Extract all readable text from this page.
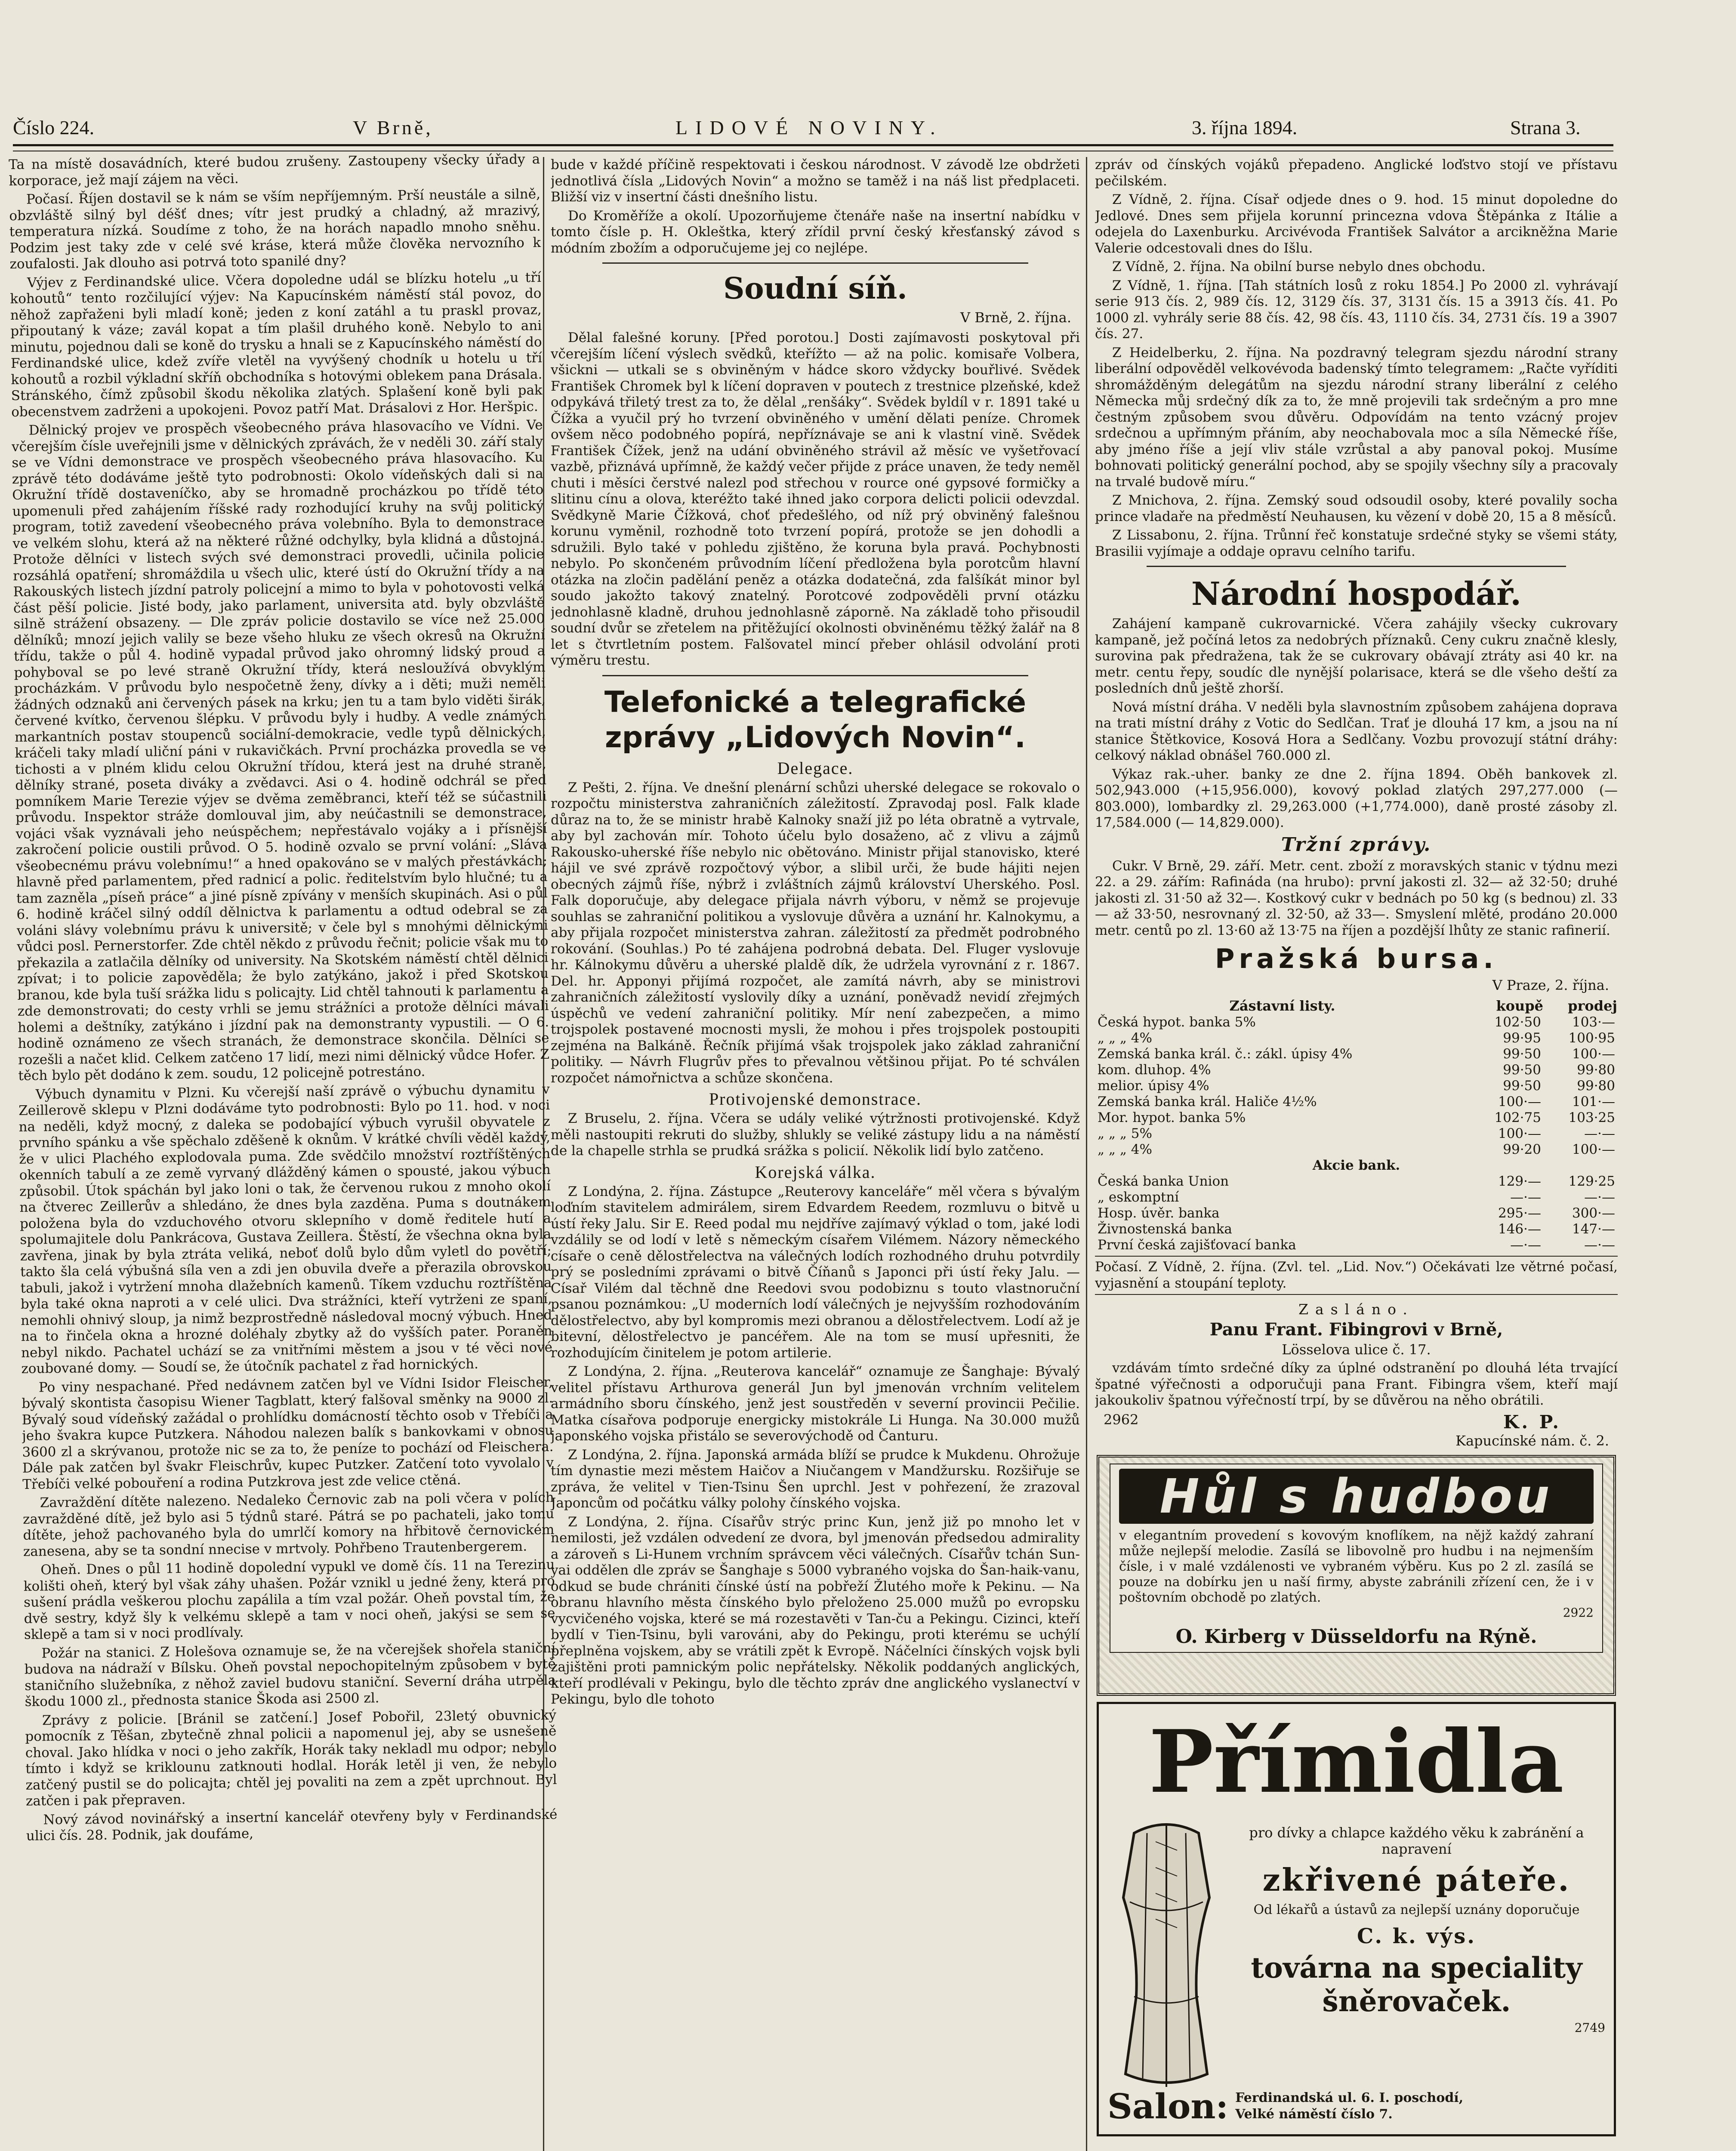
Číslo 224.	V Brně,	LIDOVÉ NOVINY.	3. října 1894.	Strana 3.

Ta na místě dosavádních, které budou zrušeny. Zastoupeny všecky úřady a korporace, jež mají zájem na věci.

Počasí. Říjen dostavil se k nám se vším nepříjemným. Prší neustále a silně, obzvláště silný byl déšť dnes; vítr jest prudký a chladný, až mrazivý, temperatura nízká. Soudíme z toho, že na horách napadlo mnoho sněhu. Podzim jest taky zde v celé své kráse, která může člověka nervozního k zoufalosti. Jak dlouho asi potrvá toto spanilé dny?

Výjev z Ferdinandské ulice. Včera dopoledne udál se blízku hotelu „u tří kohoutů“ tento rozčilující výjev: Na Kapucínském náměstí stál povoz, do něhož zapřaženi byli mladí koně; jeden z koní zatáhl a tu praskl provaz, připoutaný k váze; zavál kopat a tím plašil druhého koně. Nebylo to ani minutu, pojednou dali se koně do trysku a hnali se z Kapucínského náměstí do Ferdinandské ulice, kdež zvíře vletěl na vyvýšený chodník u hotelu u tří kohoutů a rozbil výkladní skříň obchodníka s hotovými oblekem pana Drásala. Stránského, čímž způsobil škodu několika zlatých. Splašení koně byli pak obecenstvem zadrženi a upokojeni. Povoz patří Mat. Drásalovi z Hor. Heršpic.

Dělnický projev ve prospěch všeobecného práva hlasovacího ve Vídni. Ve včerejším čísle uveřejnili jsme v dělnických zprávách, že v neděli 30. září staly se ve Vídni demonstrace ve prospěch všeobecného práva hlasovacího. Ku zprávě této dodáváme ještě tyto podrobnosti: Okolo vídeňských dali si na Okružní třídě dostaveníčko, aby se hromadně procházkou po třídě této upomenuli před zahájením říšské rady rozhodující kruhy na svůj politický program, totiž zavedení všeobecného práva volebního. Byla to demonstrace ve velkém slohu, která až na některé růžné odchylky, byla klidná a důstojná. Protože dělníci v listech svých své demonstraci provedli, učinila policie rozsáhlá opatření; shromáždila u všech ulic, které ústí do Okružní třídy a na Rakouských listech jízdní patroly policejní a mimo to byla v pohotovosti velká část pěší policie. Jisté body, jako parlament, universita atd. byly obzvláště silně strážení obsazeny. — Dle zpráv policie dostavilo se více než 25.000 dělníků; mnozí jejich valily se beze všeho hluku ze všech okresů na Okružní třídu, takže o půl 4. hodině vypadal průvod jako ohromný lidský proud a pohyboval se po levé straně Okružní třídy, která nesloužívá obvyklým procházkám. V průvodu bylo nespočetně ženy, dívky a i děti; muži neměli žádných odznaků ani červených pásek na krku; jen tu a tam bylo viděti širák, červené kvítko, červenou šlépku. V průvodu byly i hudby. A vedle známých markantních postav stoupenců sociální-demokracie, vedle typů dělnických, kráčeli taky mladí uliční páni v rukavičkách. První procházka provedla se ve tichosti a v plném klidu celou Okružní třídou, která jest na druhé straně, dělníky strané, poseta diváky a zvědavci. Asi o 4. hodině odchrál se před pomníkem Marie Terezie výjev se dvěma zeměbranci, kteří též se súčastnili průvodu. Inspektor stráže domlouval jim, aby neúčastnili se demonstrace, vojáci však vyznávali jeho neúspěchem; nepřestávalo vojáky a i přísnější zakročení policie oustili průvod. O 5. hodině ozvalo se první volání: „Sláva všeobecnému právu volebnímu!“ a hned opakováno se v malých přestávkách; hlavně před parlamentem, před radnicí a polic. ředitelstvím bylo hlučné; tu a tam zazněla „píseň práce“ a jiné písně zpívány v menších skupinách. Asi o půl 6. hodině kráčel silný oddíl dělnictva k parlamentu a odtud odebral se za voláni slávy volebnímu právu k universitě; v čele byl s mnohými dělnickými vůdci posl. Pernerstorfer. Zde chtěl někdo z průvodu řečnit; policie však mu to překazila a zatlačila dělníky od university. Na Skotském náměstí chtěl dělnici zpívat; i to policie zapověděla; že bylo zatýkáno, jakož i před Skotskou branou, kde byla tuší srážka lidu s policajty. Lid chtěl tahnouti k parlamentu a zde demonstrovati; do cesty vrhli se jemu strážníci a protože dělníci mávali holemi a deštníky, zatýkáno i jízdní pak na demonstranty vypustili. — O 6. hodině oznámeno ze všech stranách, že demonstrace skončila. Dělníci se rozešli a načet klid. Celkem zatčeno 17 lidí, mezi nimi dělnický vůdce Hofer. Z těch bylo pět dodáno k zem. soudu, 12 policejně potrestáno.

Výbuch dynamitu v Plzni. Ku včerejší naší zprávě o výbuchu dynamitu v Zeillerově sklepu v Plzni dodáváme tyto podrobnosti: Bylo po 11. hod. v noci na neděli, když mocný, z daleka se podobající výbuch vyrušil obyvatele z prvního spánku a vše spěchalo zděšeně k oknům. V krátké chvíli věděl každý, že v ulici Plachého explodovala puma. Zde svědčilo množství roztříštěných okenních tabulí a ze země vyrvaný dlážděný kámen o spousté, jakou výbuch způsobil. Útok spáchán byl jako loni o tak, že červenou rukou z mnoho okolí na čtverec Zeillerův a shledáno, že dnes byla zazděna. Puma s doutnákem položena byla do vzduchového otvoru sklepního v domě ředitele hutí a spolumajitele dolu Pankrácova, Gustava Zeillera. Štěstí, že všechna okna byla zavřena, jinak by byla ztráta veliká, neboť dolů bylo dům vyletl do povětří; takto šla celá výbušná síla ven a zdi jen obuvila dveře a přerazila obrovskou tabuli, jakož i vytržení mnoha dlažebních kamenů. Tíkem vzduchu roztříštěna byla také okna naproti a v celé ulici. Dva strážníci, kteří vytrženi ze spaní, nemohli ohnivý sloup, ja nimž bezprostředně následoval mocný výbuch. Hned na to řinčela okna a hrozné doléhaly zbytky až do vyšších pater. Poraněn nebyl nikdo. Pachatel uchází se za vnitřními městem a jsou v té věci nové zoubované domy. — Soudí se, že útočník pachatel z řad hornických.

Po viny nespachané. Před nedávnem zatčen byl ve Vídni Isidor Fleischer, bývalý skontista časopisu Wiener Tagblatt, který falšoval směnky na 9000 zl. Bývalý soud vídeňský zažádal o prohlídku domácností těchto osob v Třebíči a jeho švakra kupce Putzkera. Náhodou nalezen balík s bankovkami v obnosu 3600 zl a skrývanou, protože nic se za to, že peníze to pochází od Fleischera. Dále pak zatčen byl švakr Fleischrův, kupec Putzker. Zatčení toto vyvolalo v Třebíči velké pobouření a rodina Putzkrova jest zde velice ctěná.

Zavraždění dítěte nalezeno. Nedaleko Černovic zab na poli včera v polích zavražděné dítě, jež bylo asi 5 týdnů staré. Pátrá se po pachateli, jako tomu dítěte, jehož pachovaného byla do umrlčí komory na hřbitově černovickém zanesena, aby se ta sondní nnecise v mrtvoly. Pohřbeno Trautenbergerem.

Oheň. Dnes o půl 11 hodině dopolední vypukl ve domě čís. 11 na Terezinu kolišti oheň, který byl však záhy uhašen. Požár vznikl u jedné ženy, která pro sušení prádla veškerou plochu zapálila a tím vzal požár. Oheň povstal tím, že dvě sestry, když šly k velkému sklepě a tam v noci oheň, jakýsi se sem se sklepě a tam si v noci prodlívaly.

Požár na stanici. Z Holešova oznamuje se, že na včerejšek shořela staniční budova na nádraží v Bílsku. Oheň povstal nepochopitelným způsobem v bytě staničního služebníka, z něhož zaviel budovu staniční. Severní dráha utrpěla škodu 1000 zl., přednosta stanice Škoda asi 2500 zl.

Zprávy z policie. [Bránil se zatčení.] Josef Pobořil, 23letý obuvnický pomocník z Těšan, zbytečně zhnal policii a napomenul jej, aby se usnešeně choval. Jako hlídka v noci o jeho zakřík, Horák taky nekladl mu odpor; nebylo tímto i když se kriklounu zatknouti hodlal. Horák letěl ji ven, že nebylo zatčený pustil se do policajta; chtěl jej povaliti na zem a zpět uprchnout. Byl zatčen i pak přepraven.

Nový závod novinářský a insertní kancelář otevřeny byly v Ferdinandské ulici čís. 28. Podnik, jak doufáme,

bude v každé příčině respektovati i českou národnost. V závodě lze obdržeti jednotlivá čísla „Lidových Novin“ a možno se taměž i na náš list předplaceti. Bližší viz v insertní části dnešního listu.

Do Kroměříže a okolí. Upozorňujeme čtenáře naše na insertní nabídku v tomto čísle p. H. Okleštka, který zřídil první český křesťanský závod s módním zbožím a odporučujeme jej co nejlépe.

Soudní síň.
V Brně, 2. října.

Dělal falešné koruny. [Před porotou.] Dosti zajímavosti poskytoval při včerejším líčení výslech svědků, kteřížto — až na polic. komisaře Volbera, všickni — utkali se s obviněným v hádce skoro vždycky bouřlivé. Svědek František Chromek byl k líčení dopraven v poutech z trestnice plzeňské, kdež odpykává třiletý trest za to, že dělal „renšáky“. Svědek byldíl v r. 1891 také u Čížka a vyučil prý ho tvrzení obviněného v umění dělati peníze. Chromek ovšem něco podobného popírá, nepříznávaje se ani k vlastní vině. Svědek František Čížek, jenž na udání obviněného strávil až měsíc ve vyšetřovací vazbě, přiznává upřímně, že každý večer přijde z práce unaven, že tedy neměl chuti i měsíci čerstvé nalezl pod střechou v rource oné gypsové formičky a slitinu cínu a olova, kteréžto také ihned jako corpora delicti policii odevzdal. Svědkyně Marie Čížková, choť předešlého, od níž prý obviněný falešnou korunu vyměnil, rozhodně toto tvrzení popírá, protože se jen dohodli a sdružili. Bylo také v pohledu zjištěno, že koruna byla pravá. Pochybnosti nebylo. Po skončeném průvodním líčení předložena byla porotcům hlavní otázka na zločin padělání peněz a otázka dodatečná, zda falšíkát minor byl soudo jakožto takový znatelný. Porotcové zodpověděli první otázku jednohlasně kladně, druhou jednohlasně záporně. Na základě toho přisoudil soudní dvůr se zřetelem na přitěžující okolnosti obviněnému těžký žalář na 8 let s čtvrtletním postem. Falšovatel mincí přeber ohlásil odvolání proti výměru trestu.

Telefonické a telegrafické zprávy „Lidových Novin“.
Delegace.

Z Pešti, 2. října. Ve dnešní plenární schůzi uherské delegace se rokovalo o rozpočtu ministerstva zahraničních záležitostí. Zpravodaj posl. Falk klade důraz na to, že se ministr hrabě Kalnoky snaží již po léta obratně a vytrvale, aby byl zachován mír. Tohoto účelu bylo dosaženo, ač z vlivu a zájmů Rakousko-uherské říše nebylo nic obětováno. Ministr přijal stanovisko, které hájil ve své zprávě rozpočtový výbor, a slibil urči, že bude hájiti nejen obecných zájmů říše, nýbrž i zvláštních zájmů království Uherského. Posl. Falk doporučuje, aby delegace přijala návrh výboru, v němž se projevuje souhlas se zahraniční politikou a vyslovuje důvěra a uznání hr. Kalnokymu, a aby přijala rozpočet ministerstva zahran. záležitostí za předmět podrobného rokování. (Souhlas.) Po té zahájena podrobná debata. Del. Fluger vyslovuje hr. Kálnokymu důvěru a uherské plaldě dík, že udržela vyrovnání z r. 1867. Del. hr. Apponyi přijímá rozpočet, ale zamítá návrh, aby se ministrovi zahraničních záležitostí vyslovily díky a uznání, poněvadž nevidí zřejmých úspěchů ve vedení zahraniční politiky. Mír není zabezpečen, a mimo trojspolek postavené mocnosti mysli, že mohou i přes trojspolek postoupiti zejména na Balkáně. Řečník přijímá však trojspolek jako základ zahraniční politiky. — Návrh Flugrův přes to převalnou většinou přijat. Po té schválen rozpočet námořnictva a schůze skončena.

Protivojenské demonstrace.

Z Bruselu, 2. října. Včera se udály veliké výtržnosti protivojenské. Když měli nastoupiti rekruti do služby, shlukly se veliké zástupy lidu a na náměstí de la chapelle strhla se prudká srážka s policií. Několik lidí bylo zatčeno.

Korejská válka.

Z Londýna, 2. října. Zástupce „Reuterovy kanceláře“ měl včera s bývalým loďním stavitelem admirálem, sirem Edvardem Reedem, rozmluvu o bitvě u ústí řeky Jalu. Sir E. Reed podal mu nejdříve zajímavý výklad o tom, jaké lodi vzdálily se od lodí v letě s německým císařem Vilémem. Názory německého císaře o ceně dělostřelectva na válečných lodích rozhodného druhu potvrdily prý se posledními zprávami o bitvě Číňanů s Japonci při ústí řeky Jalu. — Císař Vilém dal těchně dne Reedovi svou podobiznu s touto vlastnoruční psanou poznámkou: „U moderních lodí válečných je nejvyšším rozhodováním dělostřelectvo, aby byl kompromis mezi obranou a dělostřelectvem. Lodí až je bitevní, dělostřelectvo je pancéřem. Ale na tom se musí upřesniti, že rozhodujícím činitelem je potom artilerie.

Z Londýna, 2. října. „Reuterova kancelář“ oznamuje ze Šanghaje: Bývalý velitel přístavu Arthurova generál Jun byl jmenován vrchním velitelem armádního sboru čínského, jenž jest soustředěn v severní provincii Pečilie. Matka císařova podporuje energicky mistokrále Li Hunga. Na 30.000 mužů japonského vojska přistálo se severovýchodě od Čanturu.

Z Londýna, 2. října. Japonská armáda blíží se prudce k Mukdenu. Ohrožuje tím dynastie mezi městem Haičov a Niučangem v Mandžursku. Rozšiřuje se zpráva, že velitel v Tien-Tsinu Šen uprchl. Jest v pohřezení, že zrazoval Japoncům od počátku války polohy čínského vojska.

Z Londýna, 2. října. Císařův strýc princ Kun, jenž již po mnoho let v nemilosti, jež vzdálen odvedení ze dvora, byl jmenován předsedou admirality a zároveň s Li-Hunem vrchním správcem věci válečných. Císařův tchán Sun-yai oddělen dle zpráv se Šanghaje s 5000 vybraného vojska do Šan-haik-vanu, odkud se bude chrániti čínské ústí na pobřeží Žlutého moře k Pekinu. — Na obranu hlavního města čínského bylo přeloženo 25.000 mužů po evropsku vycvičeného vojska, které se má rozestavěti v Tan-ču a Pekingu. Cizinci, kteří bydlí v Tien-Tsinu, byli varováni, aby do Pekingu, proti kterému se uchýlí přeplněna vojskem, aby se vrátili zpět k Evropě. Náčelníci čínských vojsk byli zajištěni proti pamnickým polic nepřátelsky. Několik poddaných anglických, kteří prodlévali v Pekingu, bylo dle těchto zpráv dne anglického vyslanectví v Pekingu, bylo dle tohoto

zpráv od čínských vojáků přepadeno. Anglické loďstvo stojí ve přístavu pečilském.

Z Vídně, 2. října. Císař odjede dnes o 9. hod. 15 minut dopoledne do Jedlové. Dnes sem přijela korunní princezna vdova Štěpánka z Itálie a odejela do Laxenburku. Arcivévoda František Salvátor a arcikněžna Marie Valerie odcestovali dnes do Išlu.

Z Vídně, 2. října. Na obilní burse nebylo dnes obchodu.

Z Vídně, 1. října. [Tah státních losů z roku 1854.] Po 2000 zl. vyhrávají serie 913 čís. 2, 989 čís. 12, 3129 čís. 37, 3131 čís. 15 a 3913 čís. 41. Po 1000 zl. vyhrály serie 88 čís. 42, 98 čís. 43, 1110 čís. 34, 2731 čís. 19 a 3907 čís. 27.

Z Heidelberku, 2. října. Na pozdravný telegram sjezdu národní strany liberální odpověděl velkovévoda badenský tímto telegramem: „Račte vyříditi shromážděným delegátům na sjezdu národní strany liberální z celého Německa můj srdečný dík za to, že mně projevili tak srdečným a pro mne čestným způsobem svou důvěru. Odpovídám na tento vzácný projev srdečnou a upřímným přáním, aby neochabovala moc a síla Německé říše, aby jméno říše a její vliv stále vzrůstal a aby panoval pokoj. Musíme bohnovati politický generální pochod, aby se spojily všechny síly a pracovaly na trvalé budově míru.“

Z Mnichova, 2. října. Zemský soud odsoudil osoby, které povalily socha prince vladaře na předměstí Neuhausen, ku vězení v době 20, 15 a 8 měsíců.

Z Lissabonu, 2. října. Trůnní řeč konstatuje srdečné styky se všemi státy, Brasilii vyjímaje a oddaje opravu celního tarifu.

Národní hospodář.

Zahájení kampaně cukrovarnické. Včera zahájily všecky cukrovary kampaně, jež počíná letos za nedobrých příznaků. Ceny cukru značně klesly, surovina pak předražena, tak že se cukrovary obávají ztráty asi 40 kr. na metr. centu řepy, soudíc dle nynější polarisace, která se dle všeho deští za posledních dnů ještě zhorší.

Nová místní dráha. V neděli byla slavnostním způsobem zahájena doprava na trati místní dráhy z Votic do Sedlčan. Trať je dlouhá 17 km, a jsou na ní stanice Štětkovice, Kosová Hora a Sedlčany. Vozbu provozují státní dráhy: celkový náklad obnášel 760.000 zl.

Výkaz rak.-uher. banky ze dne 2. října 1894. Oběh bankovek zl. 502,943.000 (+15,956.000), kovový poklad zlatých 297,277.000 (— 803.000), lombardky zl. 29,263.000 (+1,774.000), daně prosté zásoby zl. 17,584.000 (— 14,829.000).

Tržní zprávy.

Cukr. V Brně, 29. září. Metr. cent. zboží z moravských stanic v týdnu mezi 22. a 29. zářím: Rafináda (na hrubo): první jakosti zl. 32— až 32·50; druhé jakosti zl. 31·50 až 32—. Kostkový cukr v bednách po 50 kg (s bednou) zl. 33— až 33·50, nesrovnaný zl. 32·50, až 33—. Smyslení mlěté, prodáno 20.000 metr. centů po zl. 13·60 až 13·75 na říjen a pozdější lhůty ze stanic rafinerií.

Pražská bursa.
V Praze, 2. října.
Zástavní listy.	koupě	prodej
Česká hypot. banka 5%	102·50	103·—
„ „ „ 4%	99·95	100·95
Zemská banka král. č.: zákl. úpisy 4%	99·50	100·—
kom. dluhop. 4%	99·50	99·80
melior. úpisy 4%	99·50	99·80
Zemská banka král. Haliče 4½%	100·—	101·—
Mor. hypot. banka 5%	102·75	103·25
„ „ „ 5%	100·—	—·—
„ „ „ 4%	99·20	100·—
Akcie bank.		
Česká banka Union	129·—	129·25
„ eskomptní	—·—	—·—
Hosp. úvěr. banka	295·—	300·—
Živnostenská banka	146·—	147·—
První česká zajišťovací banka	—·—	—·—

Počasí. Z Vídně, 2. října. (Zvl. tel. „Lid. Nov.“) Očekávati lze větrné počasí, vyjasnění a stoupání teploty.

Zasláno.
Panu Frant. Fibingrovi v Brně,
Lösselova ulice č. 17.

vzdávám tímto srdečné díky za úplné odstranění po dlouhá léta trvající špatné výřečnosti a odporučuji pana Frant. Fibingra všem, kteří mají jakoukoliv špatnou výřečností trpí, by se důvěrou na něho obrátili.

2962	K. P.
Kapucínské nám. č. 2.
Hůl s hudbou
v elegantním provedení s kovovým knoflíkem, na nějž každý zahraní může nejlepší melodie. Zasílá se libovolně pro hudbu i na nejmenším čísle, i v malé vzdálenosti ve vybraném výběru. Kus po 2 zl. zasílá se pouze na dobírku jen u naší firmy, abyste zabránili zřízení cen, že i v poštovním obchodě po zlatých.
2922
O. Kirberg v Düsseldorfu na Rýně.
Přímidla
pro dívky a chlapce každého věku k zabránění a napravení
zkřivené páteře.
Od lékařů a ústavů za nejlepší uznány doporučuje
C. k. výs.
továrna na speciality šněrovaček.
2749
Salon: Ferdinandská ul. 6. I. poschodí,
Velké náměstí číslo 7.
